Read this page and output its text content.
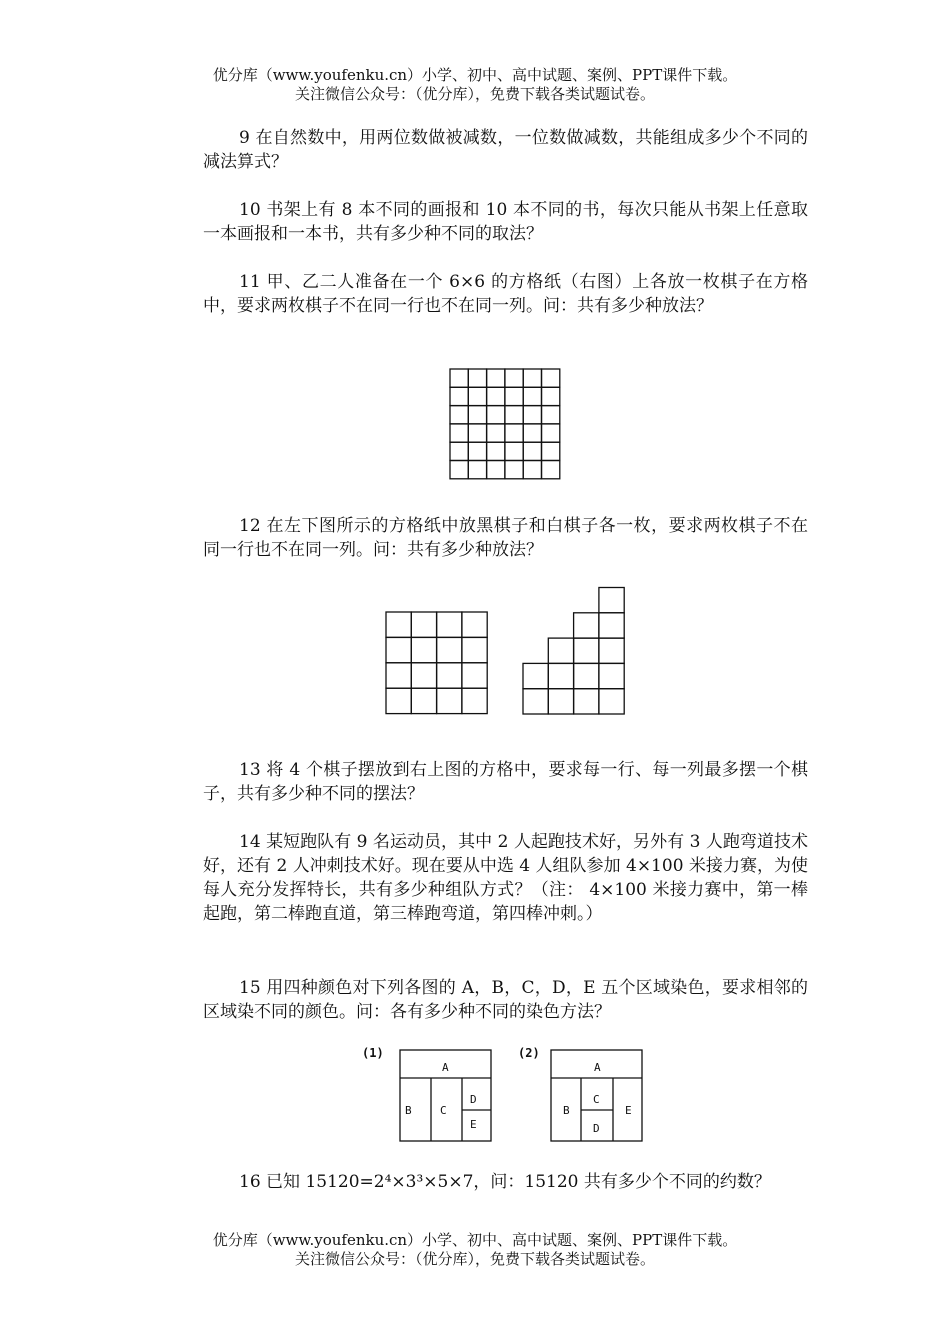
优分库（www.youfenku.cn）小学、初中、高中试题、案例、PPT课件下载。
关注微信公众号：（优分库），免费下载各类试题试卷。

9 在自然数中，用两位数做被减数，一位数做减数，共能组成多少个不同的减法算式？

10 书架上有 8 本不同的画报和 10 本不同的书，每次只能从书架上任意取一本画报和一本书，共有多少种不同的取法？

11 甲、乙二人准备在一个 6×6 的方格纸（右图）上各放一枚棋子在方格中，要求两枚棋子不在同一行也不在同一列。问：共有多少种放法？

12 在左下图所示的方格纸中放黑棋子和白棋子各一枚，要求两枚棋子不在同一行也不在同一列。问：共有多少种放法？

13 将 4 个棋子摆放到右上图的方格中，要求每一行、每一列最多摆一个棋子，共有多少种不同的摆法？

14 某短跑队有 9 名运动员，其中 2 人起跑技术好，另外有 3 人跑弯道技术好，还有 2 人冲刺技术好。现在要从中选 4 人组队参加 4×100 米接力赛，为使每人充分发挥特长，共有多少种组队方式？（注： 4×100 米接力赛中，第一棒起跑，第二棒跑直道，第三棒跑弯道，第四棒冲刺。）

15 用四种颜色对下列各图的 A，B，C，D，E 五个区域染色，要求相邻的区域染不同的颜色。问：各有多少种不同的染色方法？

(1)
A
B	C
D
E
(2)
A
B
C
D
E

16 已知 15120=2⁴×3³×5×7，问：15120 共有多少个不同的约数？

优分库（www.youfenku.cn）小学、初中、高中试题、案例、PPT课件下载。
关注微信公众号：（优分库），免费下载各类试题试卷。
